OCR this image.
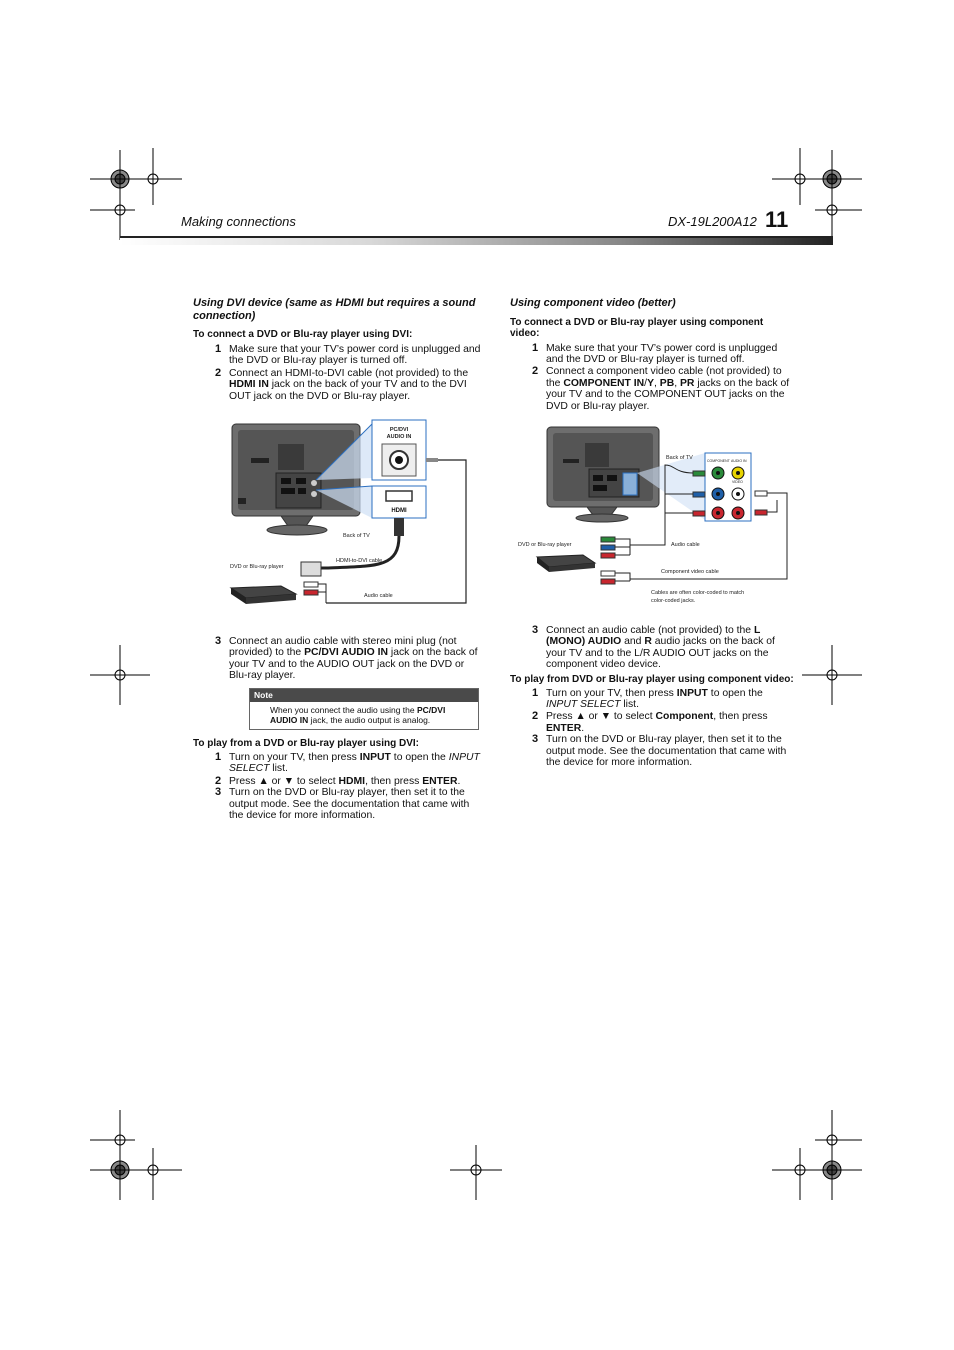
Making connections	DX-19L200A12 11
Using DVI device (same as HDMI but requires a sound connection)
To connect a DVD or Blu-ray player using DVI:
1 Make sure that your TV’s power cord is unplugged and the DVD or Blu-ray player is turned off.
2 Connect an HDMI-to-DVI cable (not provided) to the HDMI IN jack on the back of your TV and to the DVI OUT jack on the DVD or Blu-ray player.
PC/DVI
AUDIO IN
HDMI
Back of TV
DVD or Blu-ray player
HDMI-to-DVI cable
Audio cable
3 Connect an audio cable with stereo mini plug (not provided) to the PC/DVI AUDIO IN jack on the back of your TV and to the AUDIO OUT jack on the DVD or Blu-ray player.
Note
When you connect the audio using the PC/DVI AUDIO IN jack, the audio output is analog.
To play from a DVD or Blu-ray player using DVI:
1 Turn on your TV, then press INPUT to open the INPUT SELECT list.
2 Press ▲ or ▼ to select HDMI, then press ENTER.
3 Turn on the DVD or Blu-ray player, then set it to the output mode. See the documentation that came with the device for more information.
Using component video (better)
To connect a DVD or Blu-ray player using component video:
1 Make sure that your TV’s power cord is unplugged and the DVD or Blu-ray player is turned off.
2 Connect a component video cable (not provided) to the COMPONENT IN/Y, PB, PR jacks on the back of your TV and to the COMPONENT OUT jacks on the DVD or Blu-ray player.
COMPONENT AUDIO IN
VIDEO
Back of TV
DVD or Blu-ray player	Audio cable
Component video cable
Cables are often color-coded to match
color-coded jacks.
3 Connect an audio cable (not provided) to the L (MONO) AUDIO and R audio jacks on the back of your TV and to the L/R AUDIO OUT jacks on the component video device.
To play from DVD or Blu-ray player using component video:
1 Turn on your TV, then press INPUT to open the INPUT SELECT list.
2 Press ▲ or ▼ to select Component, then press ENTER.
3 Turn on the DVD or Blu-ray player, then set it to the output mode. See the documentation that came with the device for more information.
